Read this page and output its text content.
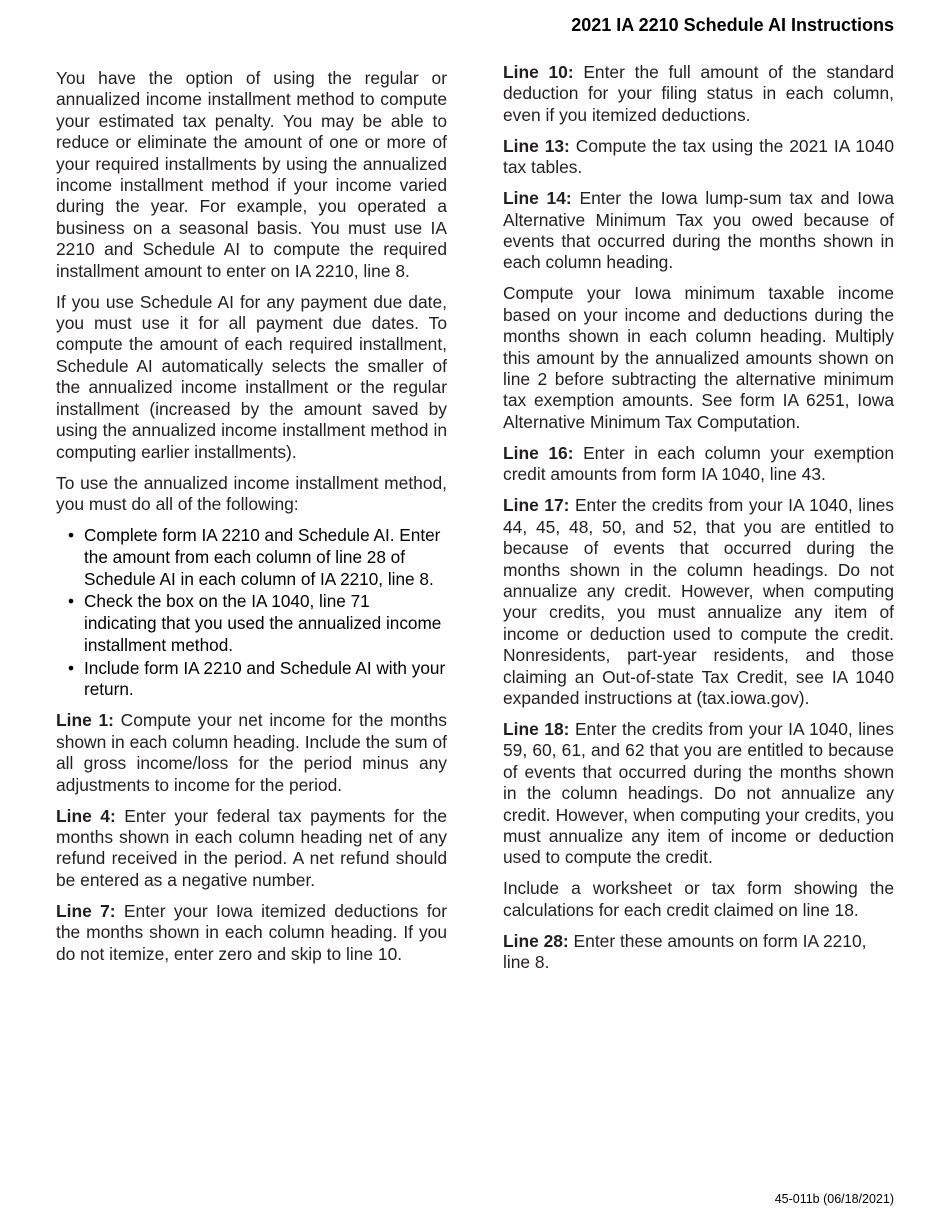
2021 IA 2210 Schedule AI Instructions

You have the option of using the regular or annualized income installment method to compute your estimated tax penalty. You may be able to reduce or eliminate the amount of one or more of your required installments by using the annualized income installment method if your income varied during the year. For example, you operated a business on a seasonal basis. You must use IA 2210 and Schedule AI to compute the required installment amount to enter on IA 2210, line 8.

If you use Schedule AI for any payment due date, you must use it for all payment due dates. To compute the amount of each required installment, Schedule AI automatically selects the smaller of the annualized income installment or the regular installment (increased by the amount saved by using the annualized income installment method in computing earlier installments).

To use the annualized income installment method, you must do all of the following:

• Complete form IA 2210 and Schedule AI. Enter the amount from each column of line 28 of Schedule AI in each column of IA 2210, line 8.
• Check the box on the IA 1040, line 71 indicating that you used the annualized income installment method.
• Include form IA 2210 and Schedule AI with your return.

Line 1: Compute your net income for the months shown in each column heading. Include the sum of all gross income/loss for the period minus any adjustments to income for the period.

Line 4: Enter your federal tax payments for the months shown in each column heading net of any refund received in the period. A net refund should be entered as a negative number.

Line 7: Enter your Iowa itemized deductions for the months shown in each column heading. If you do not itemize, enter zero and skip to line 10.

Line 10: Enter the full amount of the standard deduction for your filing status in each column, even if you itemized deductions.

Line 13: Compute the tax using the 2021 IA 1040 tax tables.

Line 14: Enter the Iowa lump-sum tax and Iowa Alternative Minimum Tax you owed because of events that occurred during the months shown in each column heading.

Compute your Iowa minimum taxable income based on your income and deductions during the months shown in each column heading. Multiply this amount by the annualized amounts shown on line 2 before subtracting the alternative minimum tax exemption amounts. See form IA 6251, Iowa Alternative Minimum Tax Computation.

Line 16: Enter in each column your exemption credit amounts from form IA 1040, line 43.

Line 17: Enter the credits from your IA 1040, lines 44, 45, 48, 50, and 52, that you are entitled to because of events that occurred during the months shown in the column headings. Do not annualize any credit. However, when computing your credits, you must annualize any item of income or deduction used to compute the credit. Nonresidents, part-year residents, and those claiming an Out-of-state Tax Credit, see IA 1040 expanded instructions at (tax.iowa.gov).

Line 18: Enter the credits from your IA 1040, lines 59, 60, 61, and 62 that you are entitled to because of events that occurred during the months shown in the column headings. Do not annualize any credit. However, when computing your credits, you must annualize any item of income or deduction used to compute the credit.

Include a worksheet or tax form showing the calculations for each credit claimed on line 18.

Line 28: Enter these amounts on form IA 2210, line 8.

45-011b (06/18/2021)
